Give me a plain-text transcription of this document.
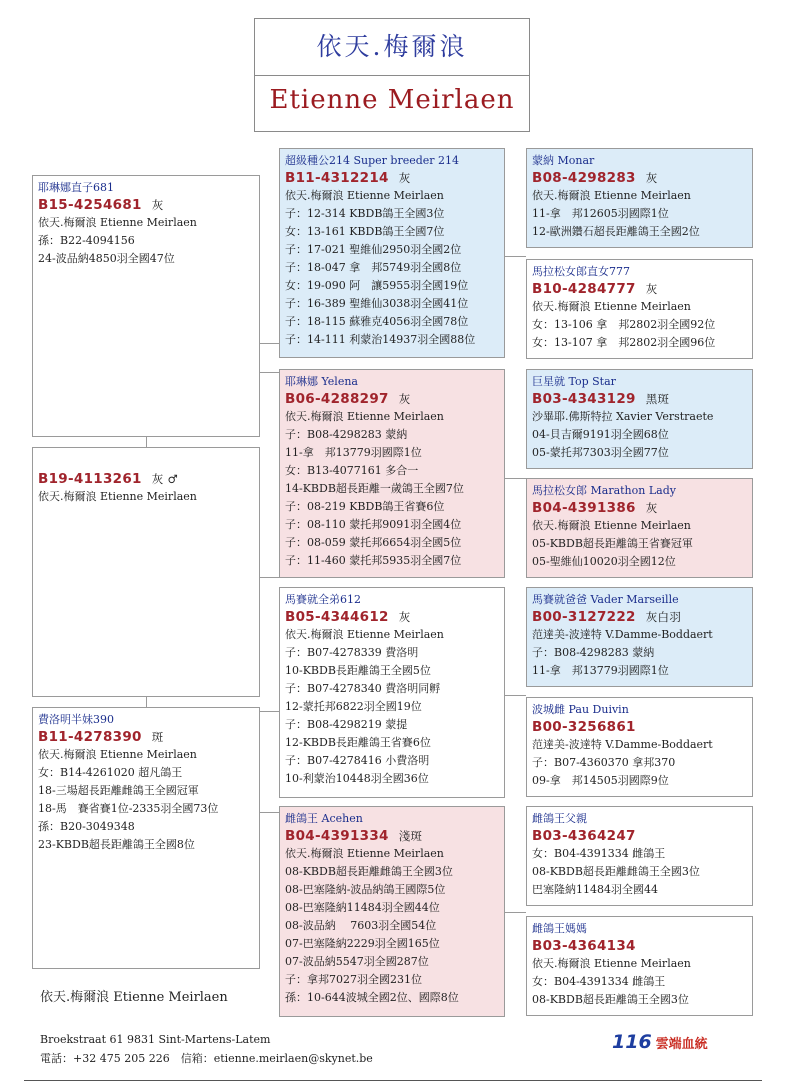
依天.梅爾浪
Etienne Meirlaen
耶琳娜直子681
B15-4254681 灰
依天.梅爾浪 Etienne Meirlaen
孫：B22-4094156
24-波品納4850羽全國47位
B19-4113261 灰 ♂
依天.梅爾浪 Etienne Meirlaen
費洛明半妹390
B11-4278390 斑
依天.梅爾浪 Etienne Meirlaen
女：B14-4261020 超凡鴿王
18-三場超長距離雌鴿王全國冠軍
18-馬　賽省賽1位-2335羽全國73位
孫：B20-3049348
23-KBDB超長距離鴿王全國8位
超級種公214 Super breeder 214
B11-4312214 灰
依天.梅爾浪 Etienne Meirlaen
子：12-314 KBDB鴿王全國3位
女：13-161 KBDB鴿王全國7位
子：17-021 聖維仙2950羽全國2位
子：18-047 拿　邦5749羽全國8位
女：19-090 阿　讓5955羽全國19位
子：16-389 聖維仙3038羽全國41位
子：18-115 蘇雅克4056羽全國78位
子：14-111 利蒙治14937羽全國88位
耶琳娜 Yelena
B06-4288297 灰
依天.梅爾浪 Etienne Meirlaen
子：B08-4298283 蒙納
11-拿　邦13779羽國際1位
女：B13-4077161 多合一
14-KBDB超長距離一歲鴿王全國7位
子：08-219 KBDB鴿王省賽6位
子：08-110 蒙托邦9091羽全國4位
子：08-059 蒙托邦6654羽全國5位
子：11-460 蒙托邦5935羽全國7位
馬賽就全弟612
B05-4344612 灰
依天.梅爾浪 Etienne Meirlaen
子：B07-4278339 費洛明
10-KBDB長距離鴿王全國5位
子：B07-4278340 費洛明同孵
12-蒙托邦6822羽全國19位
子：B08-4298219 蒙提
12-KBDB長距離鴿王省賽6位
子：B07-4278416 小費洛明
10-利蒙治10448羽全國36位
雌鴿王 Acehen
B04-4391334 淺斑
依天.梅爾浪 Etienne Meirlaen
08-KBDB超長距離雌鴿王全國3位
08-巴塞隆納-波品納鴿王國際5位
08-巴塞隆納11484羽全國44位
08-波品納　 7603羽全國54位
07-巴塞隆納2229羽全國165位
07-波品納5547羽全國287位
子：拿邦7027羽全國231位
孫：10-644波城全國2位、國際8位
蒙納 Monar
B08-4298283 灰
依天.梅爾浪 Etienne Meirlaen
11-拿　邦12605羽國際1位
12-歐洲鑽石超長距離鴿王全國2位
馬拉松女郎直女777
B10-4284777 灰
依天.梅爾浪 Etienne Meirlaen
女：13-106 拿　邦2802羽全國92位
女：13-107 拿　邦2802羽全國96位
巨星就 Top Star
B03-4343129 黑斑
沙畢耶.佛斯特拉 Xavier Verstraete
04-貝吉爾9191羽全國68位
05-蒙托邦7303羽全國77位
馬拉松女郎 Marathon Lady
B04-4391386 灰
依天.梅爾浪 Etienne Meirlaen
05-KBDB超長距離鴿王省賽冠軍
05-聖維仙10020羽全國12位
馬賽就爸爸 Vader Marseille
B00-3127222 灰白羽
范達美-波達特 V.Damme-Boddaert
子：B08-4298283 蒙納
11-拿　邦13779羽國際1位
波城雌 Pau Duivin
B00-3256861
范達美-波達特 V.Damme-Boddaert
子：B07-4360370 拿邦370
09-拿　邦14505羽國際9位
雌鴿王父親
B03-4364247
女：B04-4391334 雌鴿王
08-KBDB超長距離雌鴿王全國3位
巴塞隆納11484羽全國44
雌鴿王媽媽
B03-4364134
依天.梅爾浪 Etienne Meirlaen
女：B04-4391334 雌鴿王
08-KBDB超長距離鴿王全國3位
依天.梅爾浪 Etienne Meirlaen
Broekstraat 61 9831 Sint-Martens-Latem
電話：+32 475 205 226　信箱：etienne.meirlaen@skynet.be
116 雲端血統
